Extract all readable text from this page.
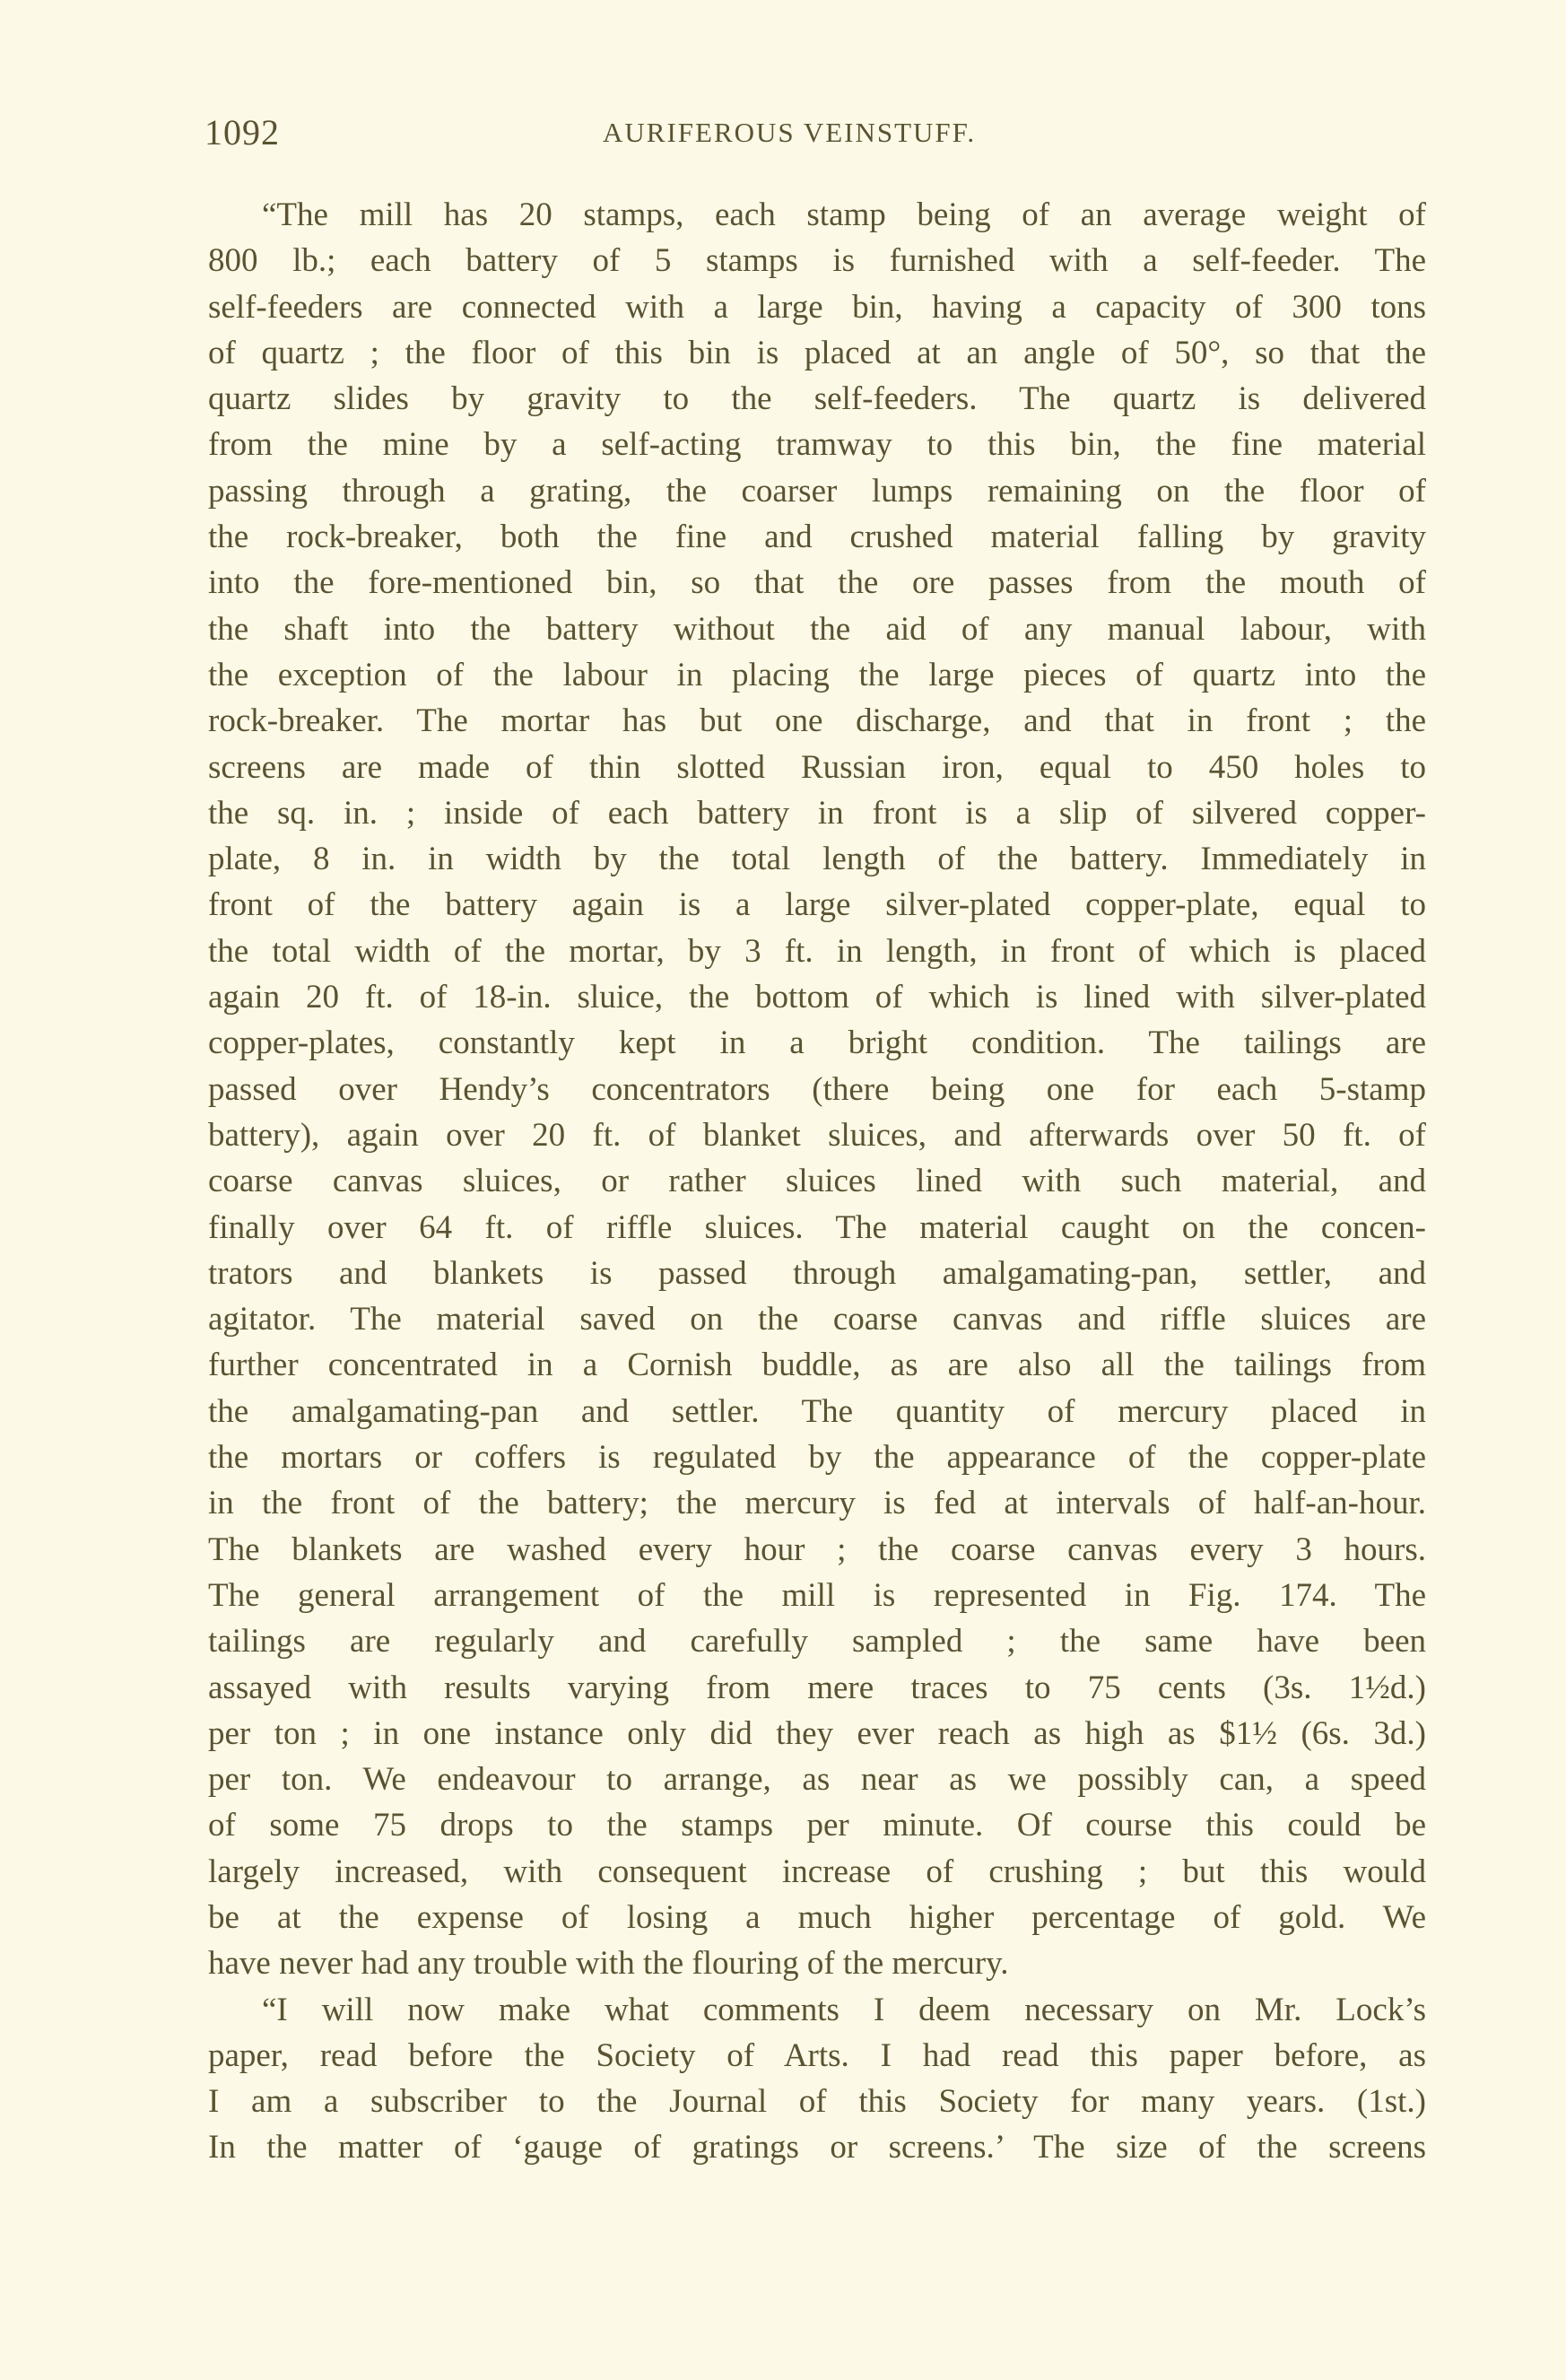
1092	AURIFEROUS VEINSTUFF.
“The mill has 20 stamps, each stamp being of an average weight of
800 lb.; each battery of 5 stamps is furnished with a self-feeder. The
self-feeders are connected with a large bin, having a capacity of 300 tons
of quartz ; the floor of this bin is placed at an angle of 50°, so that the
quartz slides by gravity to the self-feeders. The quartz is delivered
from the mine by a self-acting tramway to this bin, the fine material
passing through a grating, the coarser lumps remaining on the floor of
the rock-breaker, both the fine and crushed material falling by gravity
into the fore-mentioned bin, so that the ore passes from the mouth of
the shaft into the battery without the aid of any manual labour, with
the exception of the labour in placing the large pieces of quartz into the
rock-breaker. The mortar has but one discharge, and that in front ; the
screens are made of thin slotted Russian iron, equal to 450 holes to
the sq. in. ; inside of each battery in front is a slip of silvered copper-
plate, 8 in. in width by the total length of the battery. Immediately in
front of the battery again is a large silver-plated copper-plate, equal to
the total width of the mortar, by 3 ft. in length, in front of which is placed
again 20 ft. of 18-in. sluice, the bottom of which is lined with silver-plated
copper-plates, constantly kept in a bright condition. The tailings are
passed over Hendy’s concentrators (there being one for each 5-stamp
battery), again over 20 ft. of blanket sluices, and afterwards over 50 ft. of
coarse canvas sluices, or rather sluices lined with such material, and
finally over 64 ft. of riffle sluices. The material caught on the concen-
trators and blankets is passed through amalgamating-pan, settler, and
agitator. The material saved on the coarse canvas and riffle sluices are
further concentrated in a Cornish buddle, as are also all the tailings from
the amalgamating-pan and settler. The quantity of mercury placed in
the mortars or coffers is regulated by the appearance of the copper-plate
in the front of the battery; the mercury is fed at intervals of half-an-hour.
The blankets are washed every hour ; the coarse canvas every 3 hours.
The general arrangement of the mill is represented in Fig. 174. The
tailings are regularly and carefully sampled ; the same have been
assayed with results varying from mere traces to 75 cents (3s. 1½d.)
per ton ; in one instance only did they ever reach as high as $1½ (6s. 3d.)
per ton. We endeavour to arrange, as near as we possibly can, a speed
of some 75 drops to the stamps per minute. Of course this could be
largely increased, with consequent increase of crushing ; but this would
be at the expense of losing a much higher percentage of gold. We
have never had any trouble with the flouring of the mercury.
“I will now make what comments I deem necessary on Mr. Lock’s
paper, read before the Society of Arts. I had read this paper before, as
I am a subscriber to the Journal of this Society for many years. (1st.)
In the matter of ‘gauge of gratings or screens.’ The size of the screens
